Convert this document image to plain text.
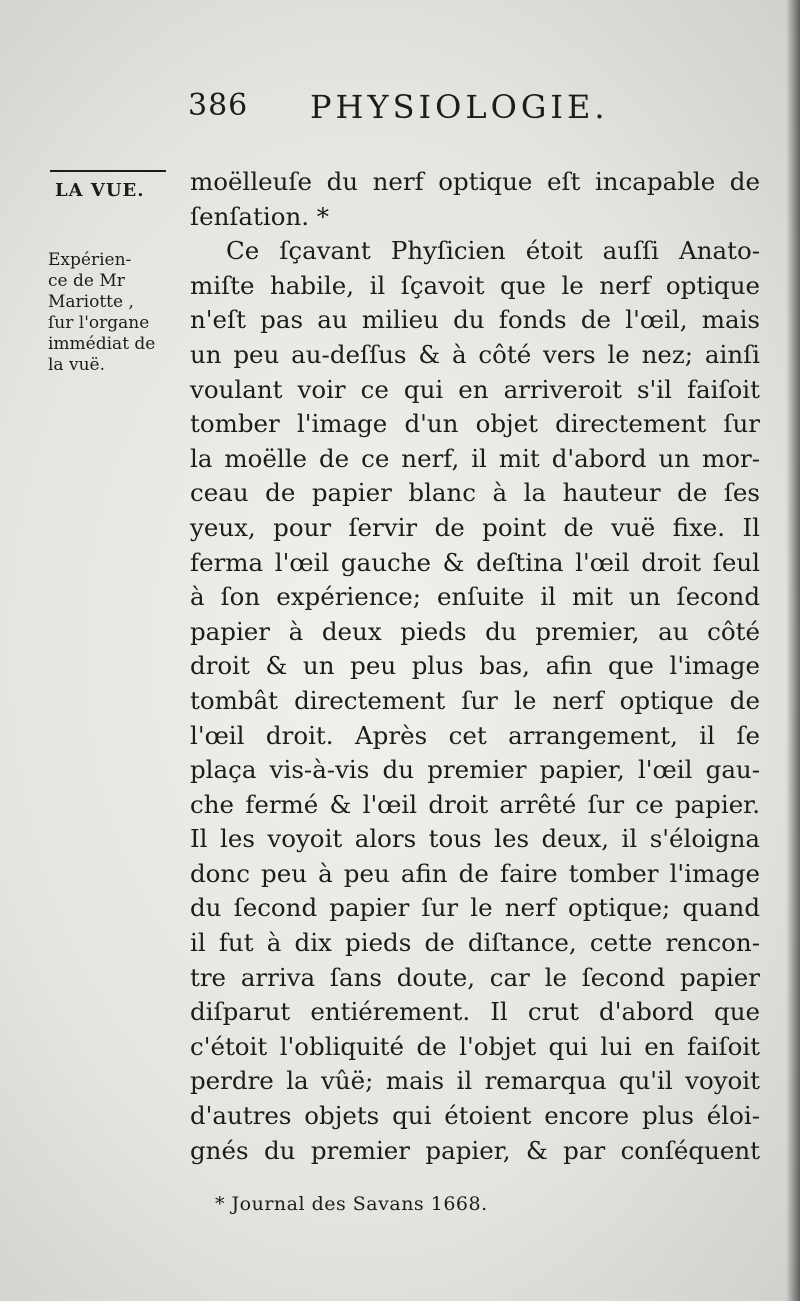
386 PHYSIOLOGIE.
LA VUE.
Expérien-
ce de Mr
Mariotte ,
ſur l'organe
immédiat de
la vuë.
moëlleuſe du nerf optique eſt incapable de
ſenſation. *
Ce ſçavant Phyſicien étoit auſſi Anato-
miſte habile, il ſçavoit que le nerf optique
n'eſt pas au milieu du fonds de l'œil, mais
un peu au-deſſus & à côté vers le nez; ainſi
voulant voir ce qui en arriveroit s'il faiſoit
tomber l'image d'un objet directement ſur
la moëlle de ce nerf, il mit d'abord un mor-
ceau de papier blanc à la hauteur de ſes
yeux, pour ſervir de point de vuë fixe. Il
ferma l'œil gauche & deſtina l'œil droit ſeul
à ſon expérience; enſuite il mit un ſecond
papier à deux pieds du premier, au côté
droit & un peu plus bas, afin que l'image
tombât directement ſur le nerf optique de
l'œil droit. Après cet arrangement, il ſe
plaça vis-à-vis du premier papier, l'œil gau-
che fermé & l'œil droit arrêté ſur ce papier.
Il les voyoit alors tous les deux, il s'éloigna
donc peu à peu afin de faire tomber l'image
du ſecond papier ſur le nerf optique; quand
il fut à dix pieds de diſtance, cette rencon-
tre arriva ſans doute, car le ſecond papier
diſparut entiérement. Il crut d'abord que
c'étoit l'obliquité de l'objet qui lui en faiſoit
perdre la vûë; mais il remarqua qu'il voyoit
d'autres objets qui étoient encore plus éloi-
gnés du premier papier, & par conſéquent
* Journal des Savans 1668.
